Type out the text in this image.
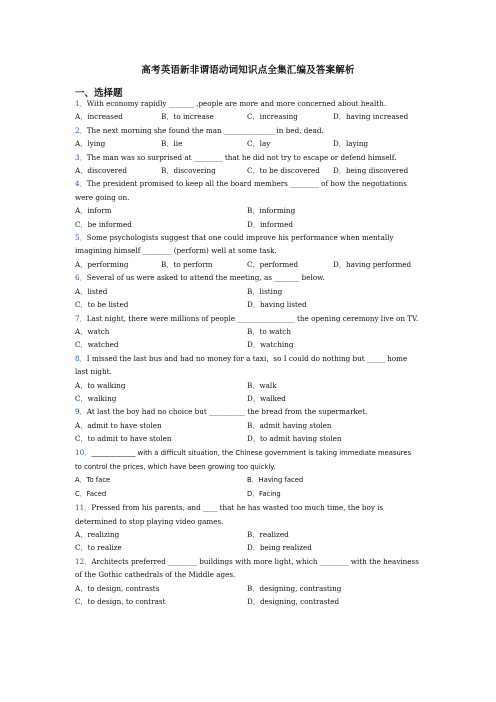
高考英语新非谓语动词知识点全集汇编及答案解析
一、选择题
1．With economy rapidly _______ ,people are more and more concerned about health.
A．increased	B．to increase	C．increasing	D．having increased
2．The next morning she found the man ______________ in bed, dead.
A．lying	B．lie	C．lay	D．laying
3．The man was so surprised at ________ that he did not try to escape or defend himself.
A．discovered	B．discovering	C．to be discovered	D．being discovered
4．The president promised to keep all the board members ________ of how the negotiations were going on.
A．inform	B．informing
C．be informed	D．informed
5．Some psychologists suggest that one could improve his performance when mentally imagining himself ________ (perform) well at some task.
A．performing	B．to perform	C．performed	D．having performed
6．Several of us were asked to attend the meeting, as _______ below.
A．listed	B．listing
C．to be listed	D．having listed
7．Last night, there were millions of people ________________ the opening ceremony live on TV.
A．watch	B．to watch
C．watched	D．watching
8．I missed the last bus and had no money for a taxi，so I could do nothing but _____ home last night.
A．to walking	B．walk
C．walking	D．walked
9．At last the boy had no choice but __________ the bread from the supermarket.
A．admit to have stolen	B．admit having stolen
C．to admit to have stolen	D．to admit having stolen
10．_____________ with a difficult situation, the Chinese government is taking immediate measures to control the prices, which have been growing too quickly.
A．To face	B．Having faced
C．Faced	D．Facing
11．Pressed from his parents, and ____ that he has wasted too much time, the boy is determined to stop playing video games.
A．realizing	B．realized
C．to realize	D．being realized
12．Architects preferred ________ buildings with more light, which ________ with the heaviness of the Gothic cathedrals of the Middle ages.
A．to design, contrasts	B．designing, contrasting
C．to design, to contrast	D．designing, contrasted
